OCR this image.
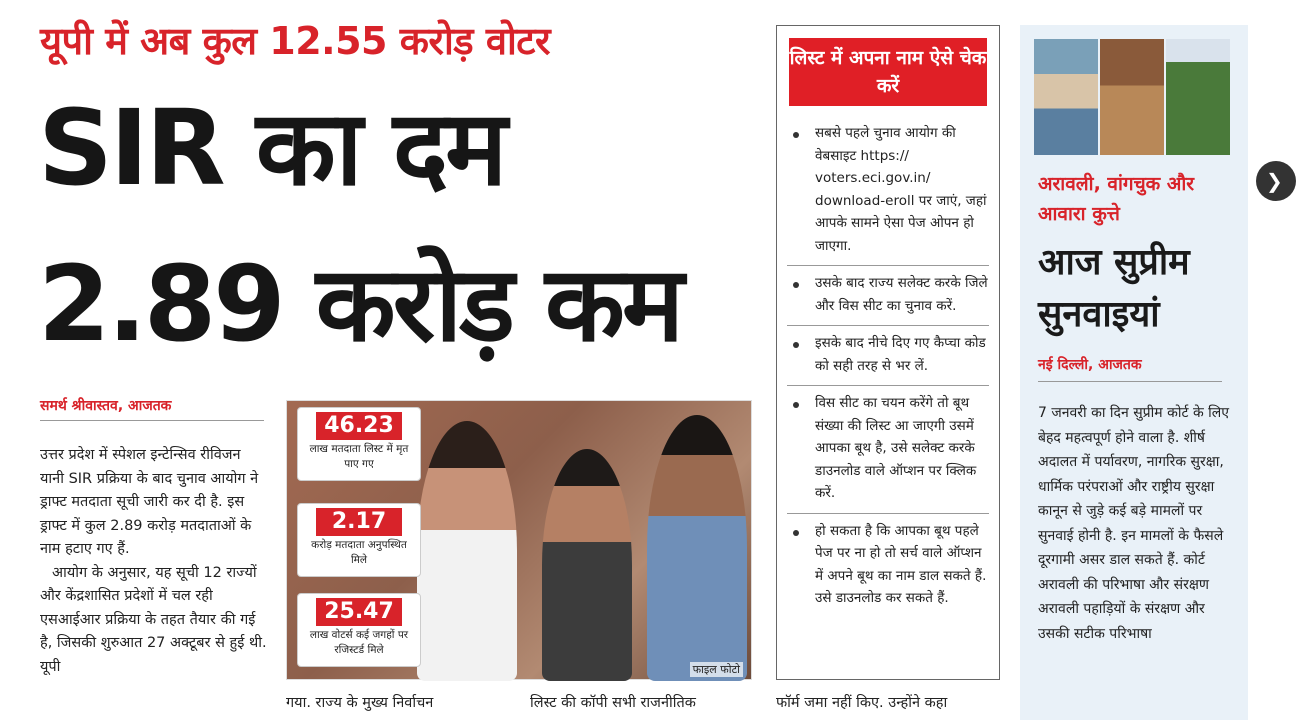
यूपी में अब कुल 12.55 करोड़ वोटर
SIR का दम
2.89 करोड़ कम
समर्थ श्रीवास्तव, आजतक

उत्तर प्रदेश में स्पेशल इन्टेन्सिव रीविजन यानी SIR प्रक्रिया के बाद चुनाव आयोग ने ड्राफ्ट मतदाता सूची जारी कर दी है. इस ड्राफ्ट में कुल 2.89 करोड़ मतदाताओं के नाम हटाए गए हैं.

आयोग के अनुसार, यह सूची 12 राज्यों और केंद्रशासित प्रदेशों में चल रही एसआईआर प्रक्रिया के तहत तैयार की गई है, जिसकी शुरुआत 27 अक्टूबर से हुई थी. यूपी

46.23
लाख मतदाता लिस्ट में मृत पाए गए
2.17
करोड़ मतदाता अनुपस्थित मिले
25.47
लाख वोटर्स कई जगहों पर रजिस्टर्ड मिले
फाइल फोटो
गया. राज्य के मुख्य निर्वाचन	लिस्ट की कॉपी सभी राजनीतिक	फॉर्म जमा नहीं किए. उन्होंने कहा
लिस्ट में अपना नाम ऐसे चेक करें
सबसे पहले चुनाव आयोग की वेबसाइट https:// voters.eci.gov.in/ download-eroll पर जाएं, जहां आपके सामने ऐसा पेज ओपन हो जाएगा.
उसके बाद राज्य सलेक्ट करके जिले और विस सीट का चुनाव करें.
इसके बाद नीचे दिए गए कैप्चा कोड को सही तरह से भर लें.
विस सीट का चयन करेंगे तो बूथ संख्या की लिस्ट आ जाएगी उसमें आपका बूथ है, उसे सलेक्ट करके डाउनलोड वाले ऑप्शन पर क्लिक करें.
हो सकता है कि आपका बूथ पहले पेज पर ना हो तो सर्च वाले ऑप्शन में अपने बूथ का नाम डाल सकते हैं. उसे डाउनलोड कर सकते हैं.
अरावली, वांगचुक और आवारा कुत्ते
आज सुप्रीम सुनवाइयां
नई दिल्ली, आजतक
7 जनवरी का दिन सुप्रीम कोर्ट के लिए बेहद महत्वपूर्ण होने वाला है. शीर्ष अदालत में पर्यावरण, नागरिक सुरक्षा, धार्मिक परंपराओं और राष्ट्रीय सुरक्षा कानून से जुड़े कई बड़े मामलों पर सुनवाई होनी है. इन मामलों के फैसले दूरगामी असर डाल सकते हैं. कोर्ट अरावली की परिभाषा और संरक्षण अरावली पहाड़ियों के संरक्षण और उसकी सटीक परिभाषा
❯
